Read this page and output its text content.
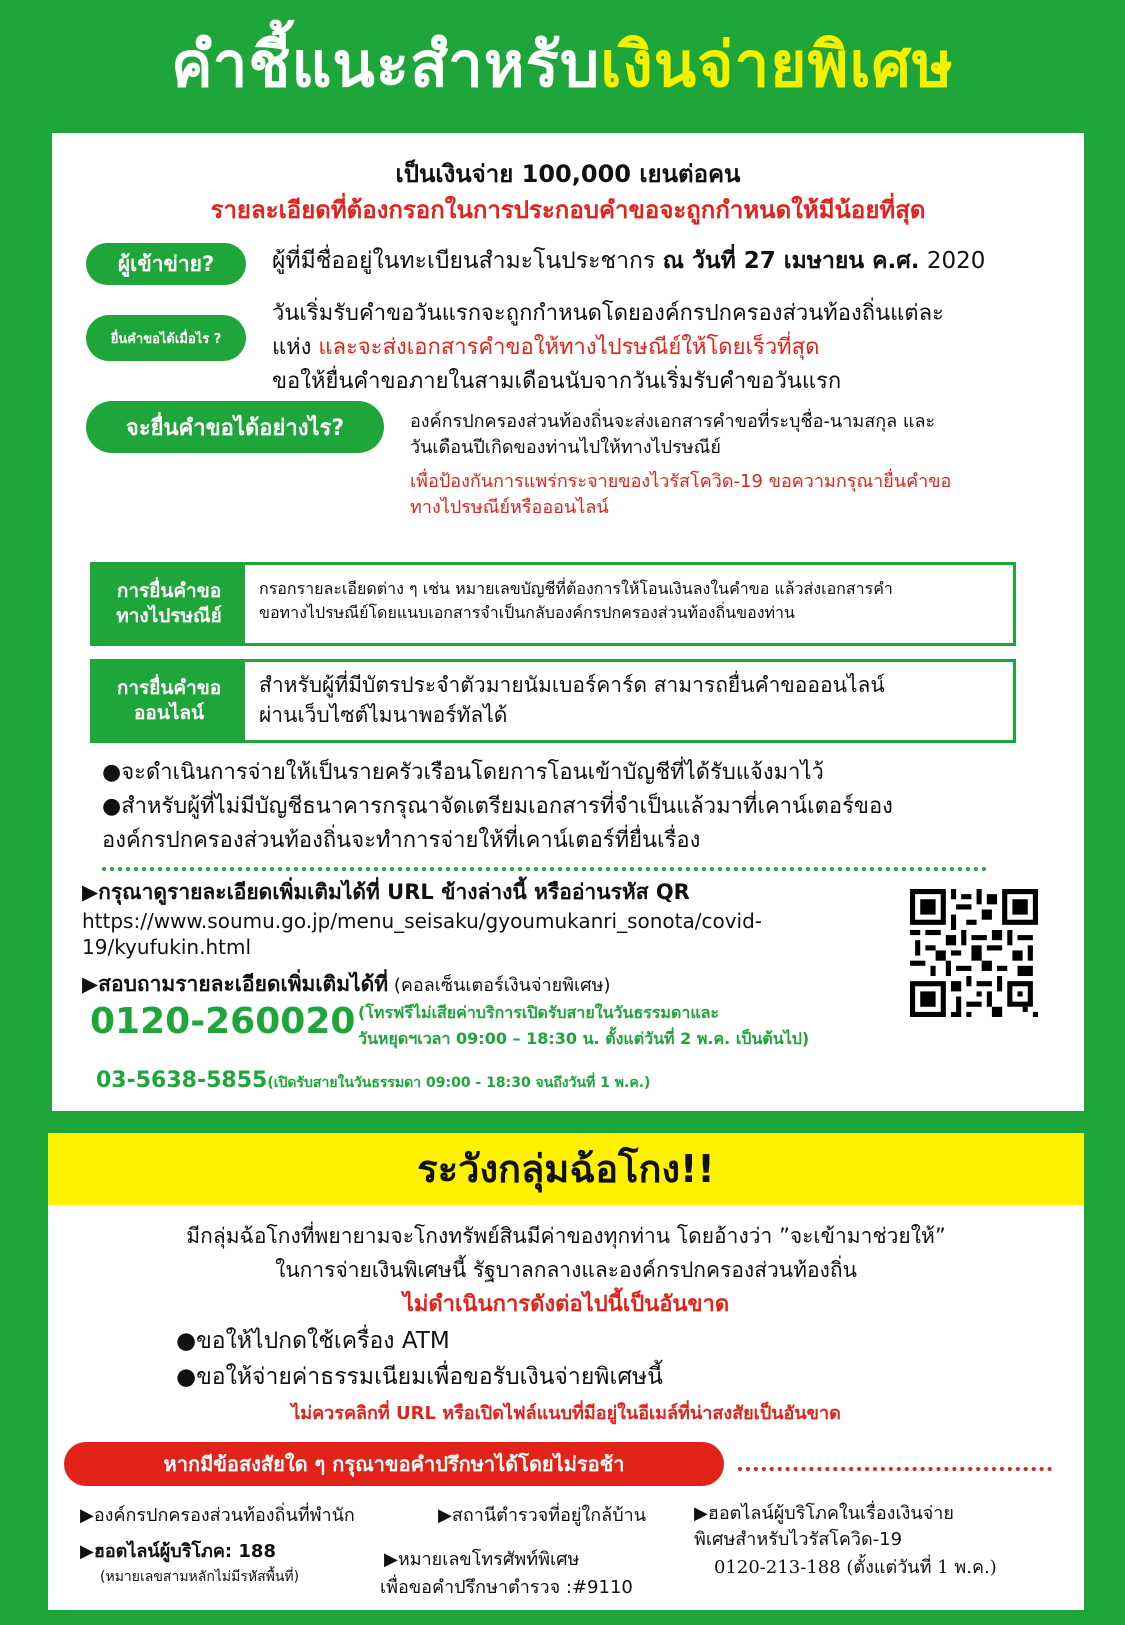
คำชี้แนะสำหรับเงินจ่ายพิเศษ
เป็นเงินจ่าย 100,000 เยนต่อคน
รายละเอียดที่ต้องกรอกในการประกอบคำขอจะถูกกำหนดให้มีน้อยที่สุด
ผู้เข้าข่าย?	ผู้ที่มีชื่ออยู่ในทะเบียนสำมะโนประชากร ณ วันที่ 27 เมษายน ค.ศ. 2020
ยื่นคำขอได้เมื่อไร ?
วันเริ่มรับคำขอวันแรกจะถูกกำหนดโดยองค์กรปกครองส่วนท้องถิ่นแต่ละ
แห่ง และจะส่งเอกสารคำขอให้ทางไปรษณีย์ให้โดยเร็วที่สุด
ขอให้ยื่นคำขอภายในสามเดือนนับจากวันเริ่มรับคำขอวันแรก
จะยื่นคำขอได้อย่างไร?	องค์กรปกครองส่วนท้องถิ่นจะส่งเอกสารคำขอที่ระบุชื่อ-นามสกุล และ
วันเดือนปีเกิดของท่านไปให้ทางไปรษณีย์
เพื่อป้องกันการแพร่กระจายของไวรัสโควิด-19 ขอความกรุณายื่นคำขอ
ทางไปรษณีย์หรือออนไลน์
การยื่นคำขอ
ทางไปรษณีย์
กรอกรายละเอียดต่าง ๆ เช่น หมายเลขบัญชีที่ต้องการให้โอนเงินลงในคำขอ แล้วส่งเอกสารคำ
ขอทางไปรษณีย์โดยแนบเอกสารจำเป็นกลับองค์กรปกครองส่วนท้องถิ่นของท่าน
การยื่นคำขอ
ออนไลน์
สำหรับผู้ที่มีบัตรประจำตัวมายนัมเบอร์คาร์ด สามารถยื่นคำขอออนไลน์
ผ่านเว็บไซต์ไมนาพอร์ทัลได้
●จะดำเนินการจ่ายให้เป็นรายครัวเรือนโดยการโอนเข้าบัญชีที่ได้รับแจ้งมาไว้
●สำหรับผู้ที่ไม่มีบัญชีธนาคารกรุณาจัดเตรียมเอกสารที่จำเป็นแล้วมาที่เคาน์เตอร์ของ
องค์กรปกครองส่วนท้องถิ่นจะทำการจ่ายให้ที่เคาน์เตอร์ที่ยื่นเรื่อง
▶กรุณาดูรายละเอียดเพิ่มเติมได้ที่ URL ข้างล่างนี้ หรืออ่านรหัส QR
https://www.soumu.go.jp/menu_seisaku/gyoumukanri_sonota/covid-
19/kyufukin.html
▶สอบถามรายละเอียดเพิ่มเติมได้ที่ (คอลเซ็นเตอร์เงินจ่ายพิเศษ)
0120-260020 (โทรฟรีไม่เสียค่าบริการเปิดรับสายในวันธรรมดาและ
วันหยุดฯเวลา 09:00 – 18:30 น. ตั้งแต่วันที่ 2 พ.ค. เป็นต้นไป)
03-5638-5855(เปิดรับสายในวันธรรมดา 09:00 - 18:30 จนถึงวันที่ 1 พ.ค.)
ระวังกลุ่มฉ้อโกง!!
มีกลุ่มฉ้อโกงที่พยายามจะโกงทรัพย์สินมีค่าของทุกท่าน โดยอ้างว่า ”จะเข้ามาช่วยให้”
ในการจ่ายเงินพิเศษนี้ รัฐบาลกลางและองค์กรปกครองส่วนท้องถิ่น
ไม่ดำเนินการดังต่อไปนี้เป็นอันขาด
●ขอให้ไปกดใช้เครื่อง ATM
●ขอให้จ่ายค่าธรรมเนียมเพื่อขอรับเงินจ่ายพิเศษนี้
ไม่ควรคลิกที่ URL หรือเปิดไฟล์แนบที่มีอยู่ในอีเมล์ที่น่าสงสัยเป็นอันขาด
หากมีข้อสงสัยใด ๆ กรุณาขอคำปรึกษาได้โดยไม่รอช้า
▶องค์กรปกครองส่วนท้องถิ่นที่พำนัก	▶สถานีตำรวจที่อยู่ใกล้บ้าน	▶ฮอตไลน์ผู้บริโภคในเรื่องเงินจ่าย
พิเศษสำหรับไวรัสโควิด-19
0120-213-188 (ตั้งแต่วันที่ 1 พ.ค.)
▶ฮอตไลน์ผู้บริโภค: 188
(หมายเลขสามหลักไม่มีรหัสพื้นที่)
▶หมายเลขโทรศัพท์พิเศษ
เพื่อขอคำปรึกษาตำรวจ :#9110
